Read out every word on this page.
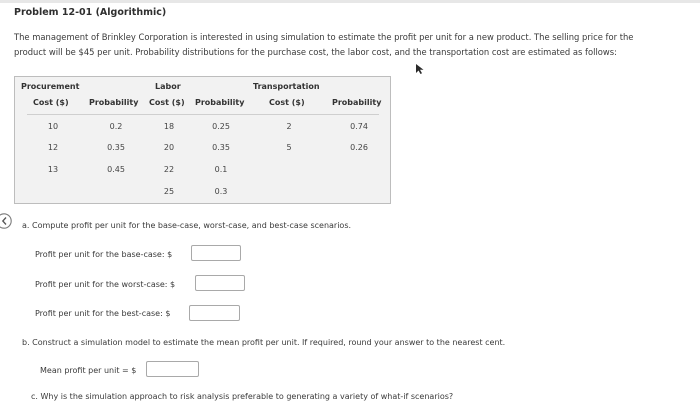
Problem 12-01 (Algorithmic)
The management of Brinkley Corporation is interested in using simulation to estimate the profit per unit for a new product. The selling price for the
product will be $45 per unit. Probability distributions for the purchase cost, the labor cost, and the transportation cost are estimated as follows:
Procurement
Cost ($)	Probability
Labor
Cost ($) Probability
Transportation
Cost ($)	Probability
10
12
13
0.2
0.35
0.45
18
20
22
25
0.25
0.35
0.1
0.3
2
5
0.74
0.26
a. Compute profit per unit for the base-case, worst-case, and best-case scenarios.
Profit per unit for the base-case: $
Profit per unit for the worst-case: $
Profit per unit for the best-case: $
b. Construct a simulation model to estimate the mean profit per unit. If required, round your answer to the nearest cent.
Mean profit per unit = $
c. Why is the simulation approach to risk analysis preferable to generating a variety of what-if scenarios?
